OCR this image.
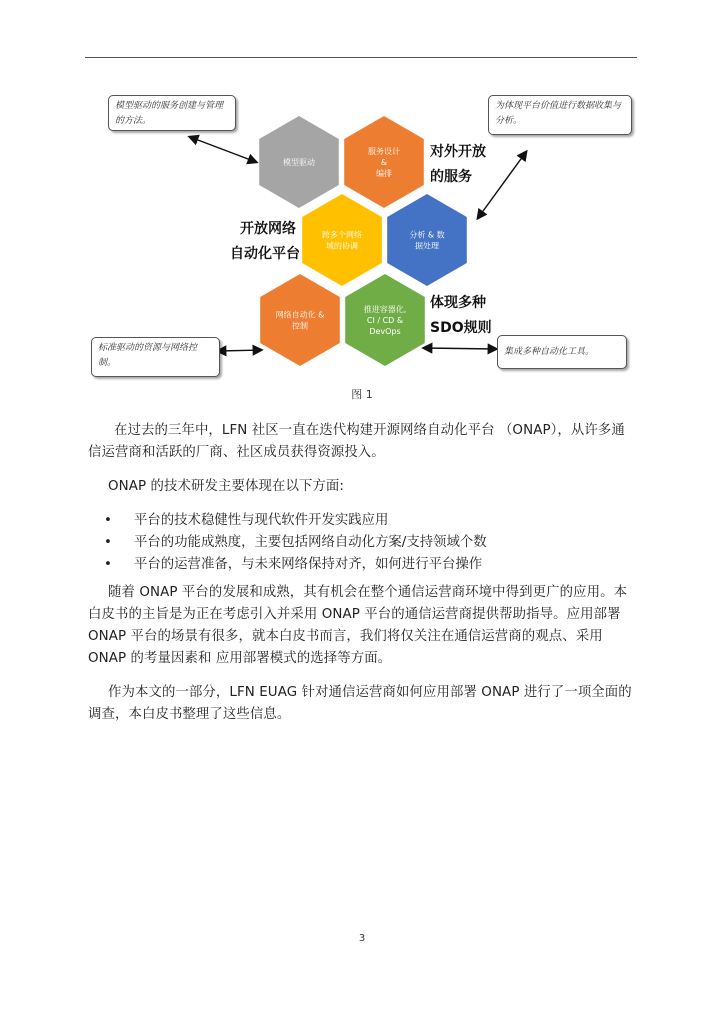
模型驱动
服务设计
&
编排
跨多个网络
域的协调
分析 & 数
据处理
网络自动化 &
控制
推进容器化,
CI / CD &
DevOps
模型驱动的服务创建与管理的方法。
为体现平台价值进行数据收集与分析。
标准驱动的资源与网络控制。
集成多种自动化工具。
对外开放
的服务
开放网络
自动化平台
体现多种
SDO规则
图 1

在过去的三年中，LFN 社区一直在迭代构建开源网络自动化平台 （ONAP），从许多通信运营商和活跃的厂商、社区成员获得资源投入。

ONAP 的技术研发主要体现在以下方面:

• 平台的技术稳健性与现代软件开发实践应用
• 平台的功能成熟度，主要包括网络自动化方案/支持领域个数
• 平台的运营准备，与未来网络保持对齐，如何进行平台操作

随着 ONAP 平台的发展和成熟，其有机会在整个通信运营商环境中得到更广的应用。本白皮书的主旨是为正在考虑引入并采用 ONAP 平台的通信运营商提供帮助指导。应用部署 ONAP 平台的场景有很多，就本白皮书而言，我们将仅关注在通信运营商的观点、采用 ONAP 的考量因素和 应用部署模式的选择等方面。

作为本文的一部分，LFN EUAG 针对通信运营商如何应用部署 ONAP 进行了一项全面的调查，本白皮书整理了这些信息。

3
